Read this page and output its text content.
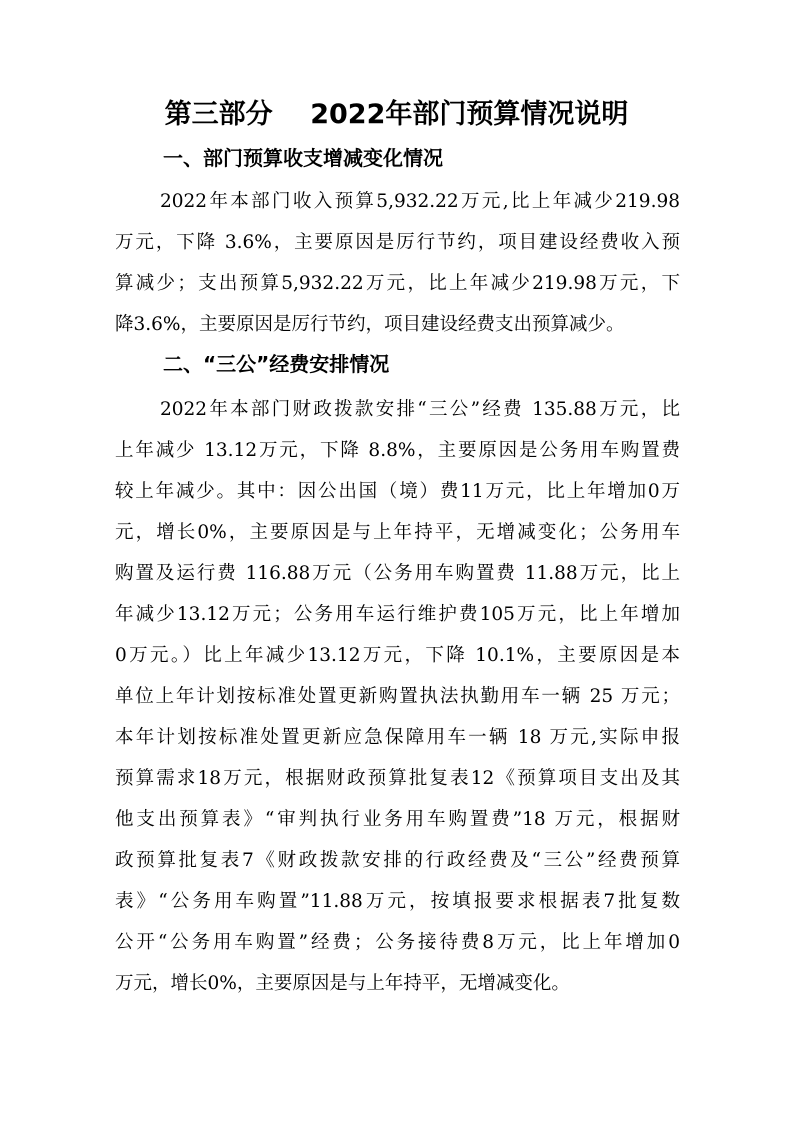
第三部分    2022年部门预算情况说明
一、部门预算收支增减变化情况
2022年本部门收入预算5,932.22万元,比上年减少219.98
万元，下降 3.6%，主要原因是厉行节约，项目建设经费收入预
算减少；支出预算5,932.22万元，比上年减少219.98万元，下
降3.6%，主要原因是厉行节约，项目建设经费支出预算减少。
二、“三公”经费安排情况
2022年本部门财政拨款安排“三公”经费 135.88万元，比
上年减少 13.12万元，下降 8.8%，主要原因是公务用车购置费
较上年减少。其中：因公出国（境）费11万元，比上年增加0万
元，增长0%，主要原因是与上年持平，无增减变化；公务用车
购置及运行费 116.88万元（公务用车购置费 11.88万元，比上
年减少13.12万元；公务用车运行维护费105万元，比上年增加
0万元。）比上年减少13.12万元，下降 10.1%，主要原因是本
单位上年计划按标准处置更新购置执法执勤用车一辆 25 万元；
本年计划按标准处置更新应急保障用车一辆 18 万元,实际申报
预算需求18万元，根据财政预算批复表12《预算项目支出及其
他支出预算表》“审判执行业务用车购置费”18 万元，根据财
政预算批复表7《财政拨款安排的行政经费及“三公”经费预算
表》“公务用车购置”11.88万元，按填报要求根据表7批复数
公开“公务用车购置”经费；公务接待费8万元，比上年增加0
万元，增长0%，主要原因是与上年持平，无增减变化。
